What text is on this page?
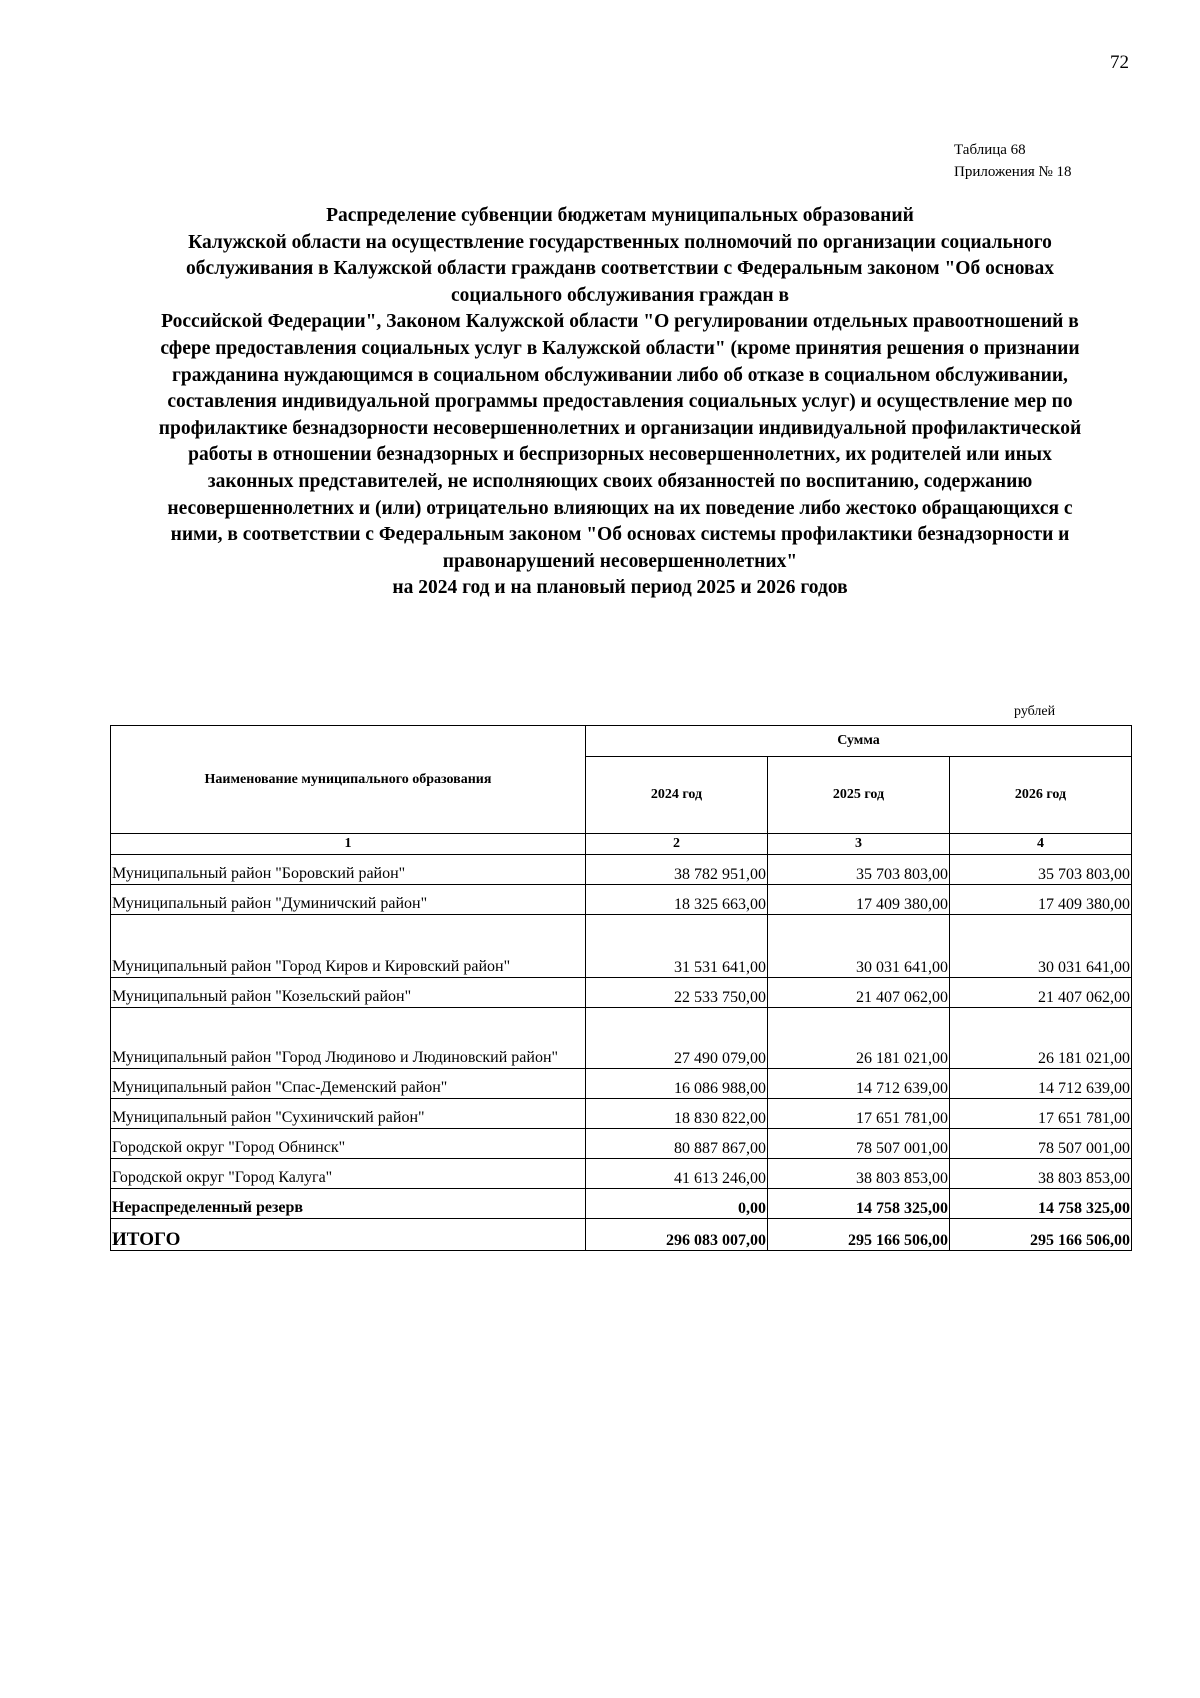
72
Таблица 68
Приложения № 18
Распределение субвенции бюджетам муниципальных образований
Калужской области на осуществление государственных полномочий по организации социального
обслуживания в Калужской области гражданв соответствии с Федеральным законом "Об основах
социального обслуживания граждан в
Российской Федерации", Законом Калужской области "О регулировании отдельных правоотношений в
сфере предоставления социальных услуг в Калужской области" (кроме принятия решения о признании
гражданина нуждающимся в социальном обслуживании либо об отказе в социальном обслуживании,
составления индивидуальной программы предоставления социальных услуг) и осуществление мер по
профилактике безнадзорности несовершеннолетних и организации индивидуальной профилактической
работы в отношении безнадзорных и беспризорных несовершеннолетних, их родителей или иных
законных представителей, не исполняющих своих обязанностей по воспитанию, содержанию
несовершеннолетних и (или) отрицательно влияющих на их поведение либо жестоко обращающихся с
ними, в соответствии с Федеральным законом "Об основах системы профилактики безнадзорности и
правонарушений несовершеннолетних"
на 2024 год и на плановый период 2025 и 2026 годов
рублей
Наименование муниципального образования	Сумма		
	2024 год	2025 год	2026 год
1	2	3	4
Муниципальный район "Боровский район"	38 782 951,00	35 703 803,00	35 703 803,00
Муниципальный район "Думиничский район"	18 325 663,00	17 409 380,00	17 409 380,00
Муниципальный район "Город Киров и Кировский район"	31 531 641,00	30 031 641,00	30 031 641,00
Муниципальный район "Козельский район"	22 533 750,00	21 407 062,00	21 407 062,00
Муниципальный район "Город Людиново и Людиновский район"	27 490 079,00	26 181 021,00	26 181 021,00
Муниципальный район "Спас-Деменский район"	16 086 988,00	14 712 639,00	14 712 639,00
Муниципальный район "Сухиничский район"	18 830 822,00	17 651 781,00	17 651 781,00
Городской округ "Город Обнинск"	80 887 867,00	78 507 001,00	78 507 001,00
Городской округ "Город Калуга"	41 613 246,00	38 803 853,00	38 803 853,00
Нераспределенный резерв	0,00	14 758 325,00	14 758 325,00
ИТОГО	296 083 007,00	295 166 506,00	295 166 506,00
